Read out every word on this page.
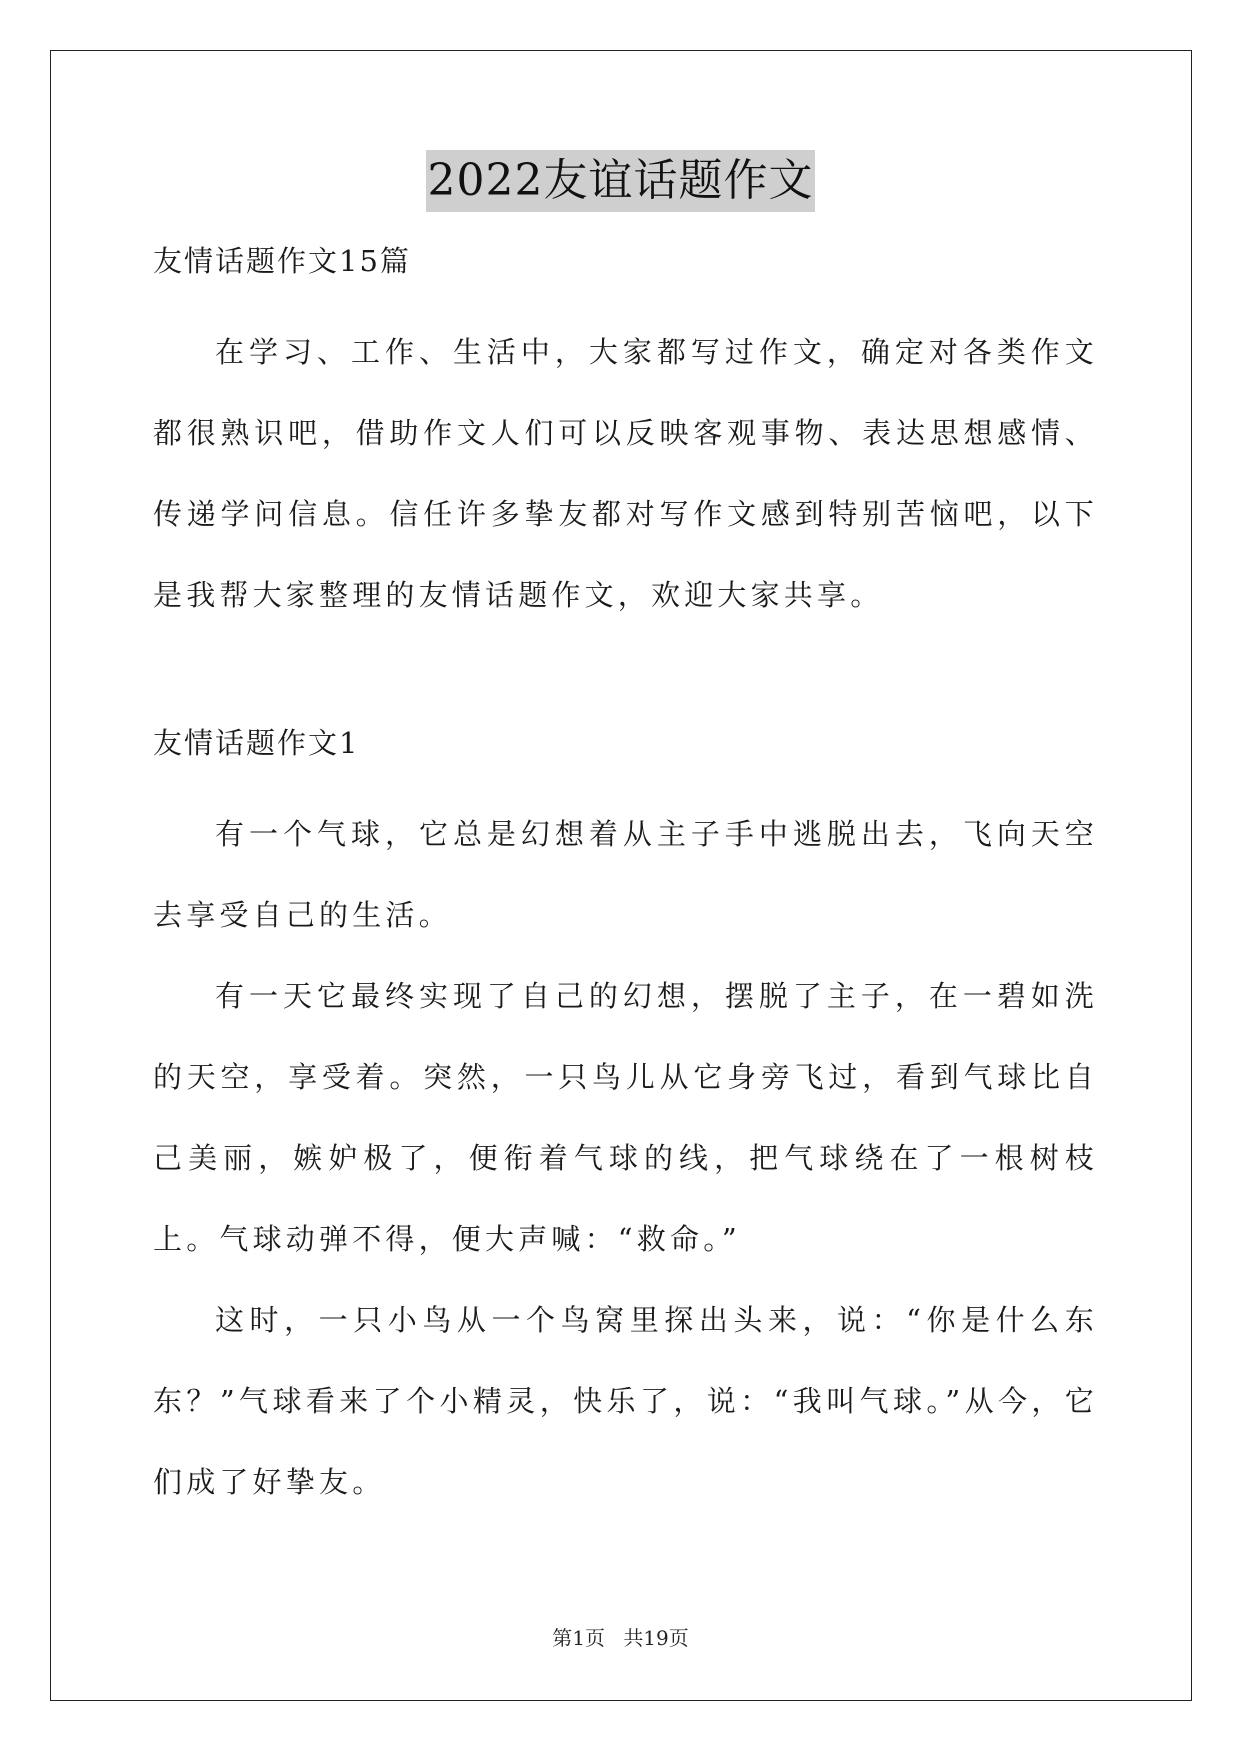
2022友谊话题作文

友情话题作文15篇

在学习、工作、生活中，大家都写过作文，确定对各类作文都很熟识吧，借助作文人们可以反映客观事物、表达思想感情、传递学问信息。信任许多挚友都对写作文感到特别苦恼吧，以下是我帮大家整理的友情话题作文，欢迎大家共享。

友情话题作文1

有一个气球，它总是幻想着从主子手中逃脱出去，飞向天空去享受自己的生活。

有一天它最终实现了自己的幻想，摆脱了主子，在一碧如洗的天空，享受着。突然，一只鸟儿从它身旁飞过，看到气球比自己美丽，嫉妒极了，便衔着气球的线，把气球绕在了一根树枝上。气球动弹不得，便大声喊：“救命。”

这时，一只小鸟从一个鸟窝里探出头来，说：“你是什么东东？”气球看来了个小精灵，快乐了，说：“我叫气球。”从今，它们成了好挚友。

第1页 共19页
